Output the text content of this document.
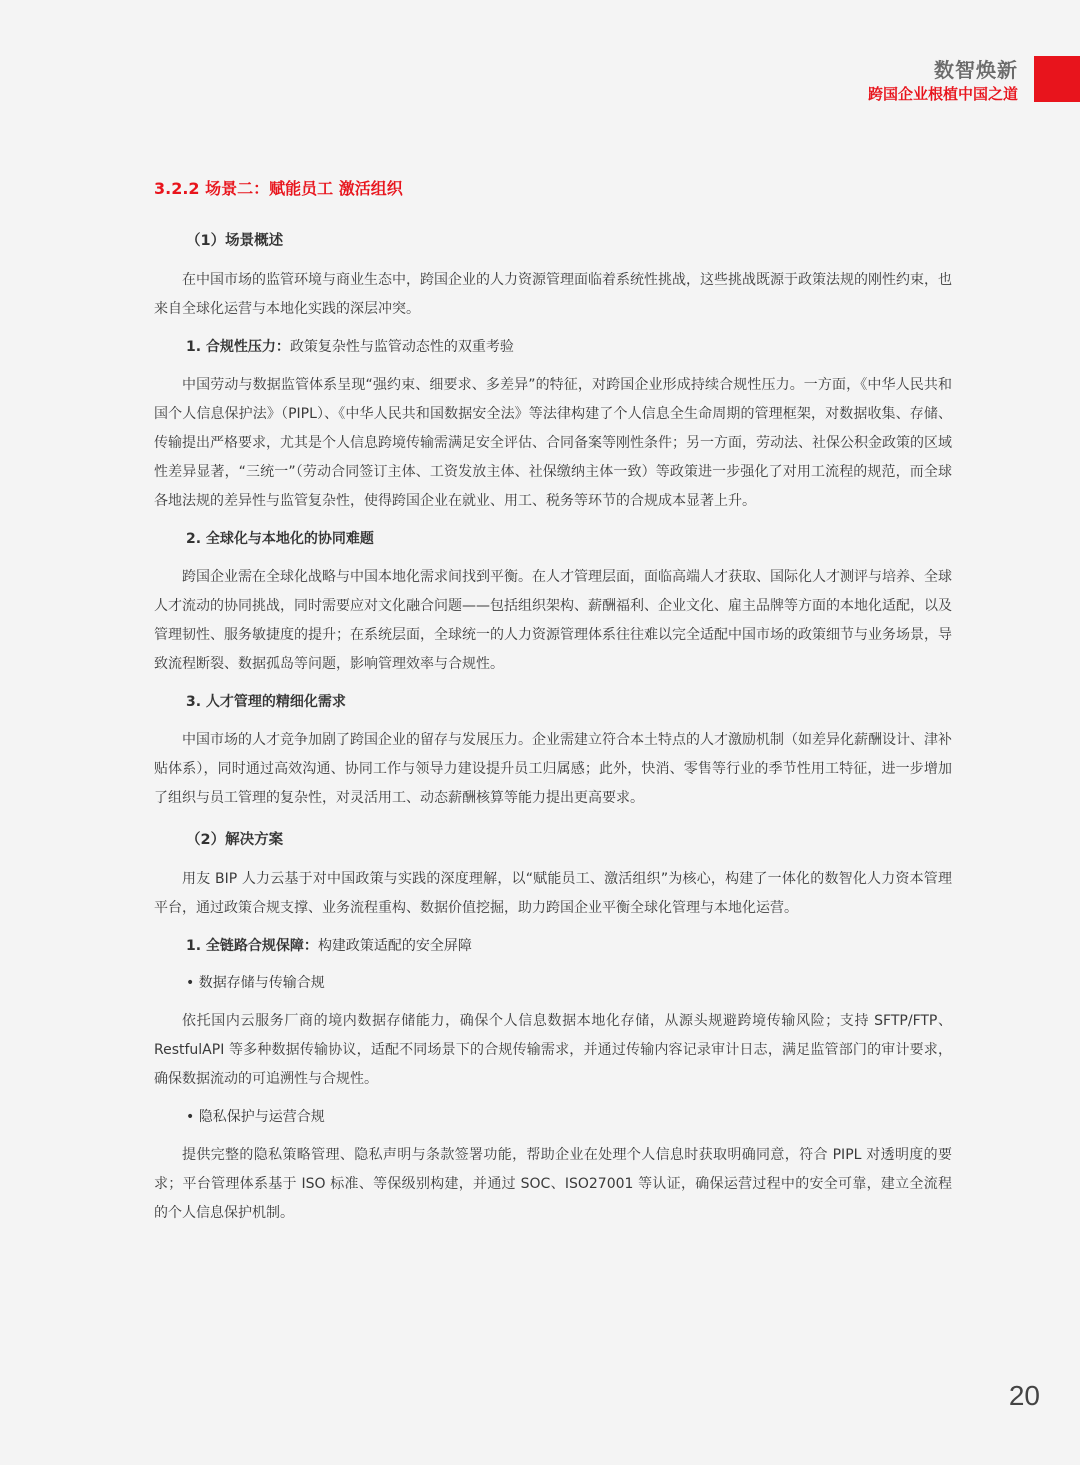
数智焕新
跨国企业根植中国之道
3.2.2 场景二：赋能员工 激活组织
（1）场景概述

在中国市场的监管环境与商业生态中，跨国企业的人力资源管理面临着系统性挑战，这些挑战既源于政策法规的刚性约束，也来自全球化运营与本地化实践的深层冲突。

1. 合规性压力：政策复杂性与监管动态性的双重考验

中国劳动与数据监管体系呈现“强约束、细要求、多差异”的特征，对跨国企业形成持续合规性压力。一方面，《中华人民共和国个人信息保护法》（PIPL）、《中华人民共和国数据安全法》等法律构建了个人信息全生命周期的管理框架，对数据收集、存储、传输提出严格要求，尤其是个人信息跨境传输需满足安全评估、合同备案等刚性条件；另一方面，劳动法、社保公积金政策的区域性差异显著，“三统一”（劳动合同签订主体、工资发放主体、社保缴纳主体一致）等政策进一步强化了对用工流程的规范，而全球各地法规的差异性与监管复杂性，使得跨国企业在就业、用工、税务等环节的合规成本显著上升。

2. 全球化与本地化的协同难题

跨国企业需在全球化战略与中国本地化需求间找到平衡。在人才管理层面，面临高端人才获取、国际化人才测评与培养、全球人才流动的协同挑战，同时需要应对文化融合问题——包括组织架构、薪酬福利、企业文化、雇主品牌等方面的本地化适配，以及管理韧性、服务敏捷度的提升；在系统层面，全球统一的人力资源管理体系往往难以完全适配中国市场的政策细节与业务场景，导致流程断裂、数据孤岛等问题，影响管理效率与合规性。

3. 人才管理的精细化需求

中国市场的人才竞争加剧了跨国企业的留存与发展压力。企业需建立符合本土特点的人才激励机制（如差异化薪酬设计、津补贴体系），同时通过高效沟通、协同工作与领导力建设提升员工归属感；此外，快消、零售等行业的季节性用工特征，进一步增加了组织与员工管理的复杂性，对灵活用工、动态薪酬核算等能力提出更高要求。

（2）解决方案

用友 BIP 人力云基于对中国政策与实践的深度理解，以“赋能员工、激活组织”为核心，构建了一体化的数智化人力资本管理平台，通过政策合规支撑、业务流程重构、数据价值挖掘，助力跨国企业平衡全球化管理与本地化运营。

1. 全链路合规保障：构建政策适配的安全屏障
• 数据存储与传输合规

依托国内云服务厂商的境内数据存储能力，确保个人信息数据本地化存储，从源头规避跨境传输风险；支持 SFTP/FTP、RestfulAPI 等多种数据传输协议，适配不同场景下的合规传输需求，并通过传输内容记录审计日志，满足监管部门的审计要求，确保数据流动的可追溯性与合规性。

• 隐私保护与运营合规

提供完整的隐私策略管理、隐私声明与条款签署功能，帮助企业在处理个人信息时获取明确同意，符合 PIPL 对透明度的要求；平台管理体系基于 ISO 标准、等保级别构建，并通过 SOC、ISO27001 等认证，确保运营过程中的安全可靠，建立全流程的个人信息保护机制。

20
